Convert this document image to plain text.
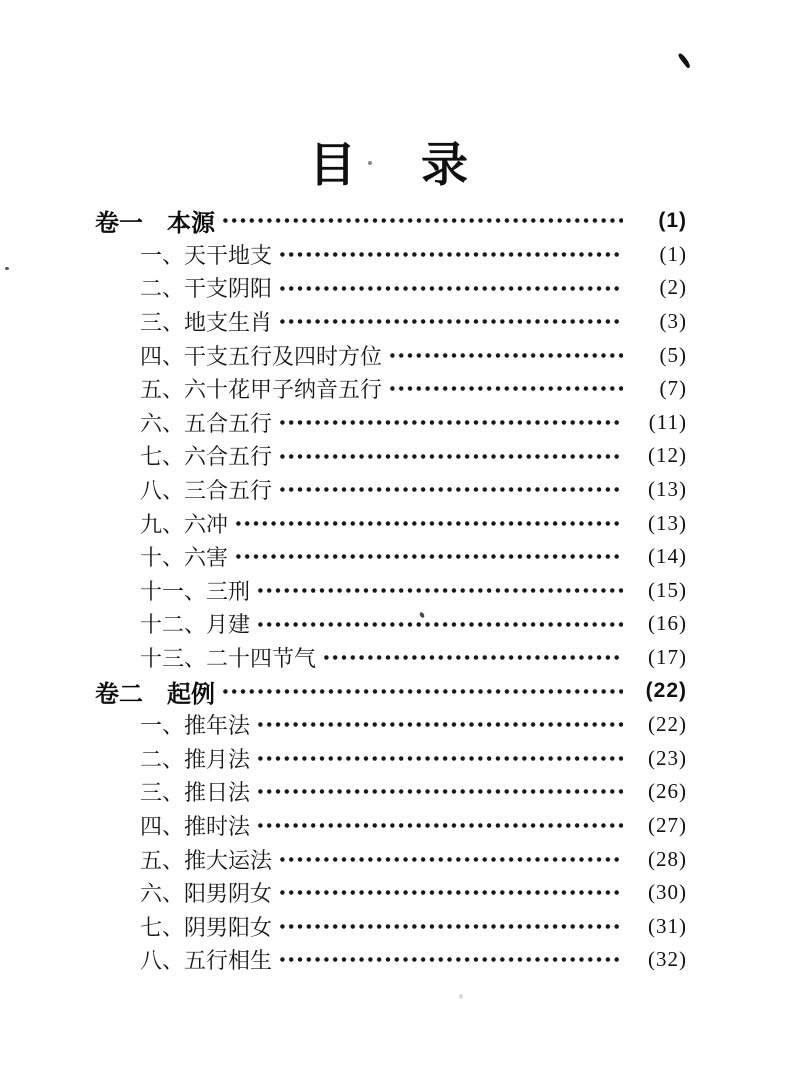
目　录
卷一　本源	(1)
一、天干地支	(1)
二、干支阴阳	(2)
三、地支生肖	(3)
四、干支五行及四时方位	(5)
五、六十花甲子纳音五行	(7)
六、五合五行	(11)
七、六合五行	(12)
八、三合五行	(13)
九、六冲	(13)
十、六害	(14)
十一、三刑	(15)
十二、月建	(16)
十三、二十四节气	(17)
卷二　起例	(22)
一、推年法	(22)
二、推月法	(23)
三、推日法	(26)
四、推时法	(27)
五、推大运法	(28)
六、阳男阴女	(30)
七、阴男阳女	(31)
八、五行相生	(32)
